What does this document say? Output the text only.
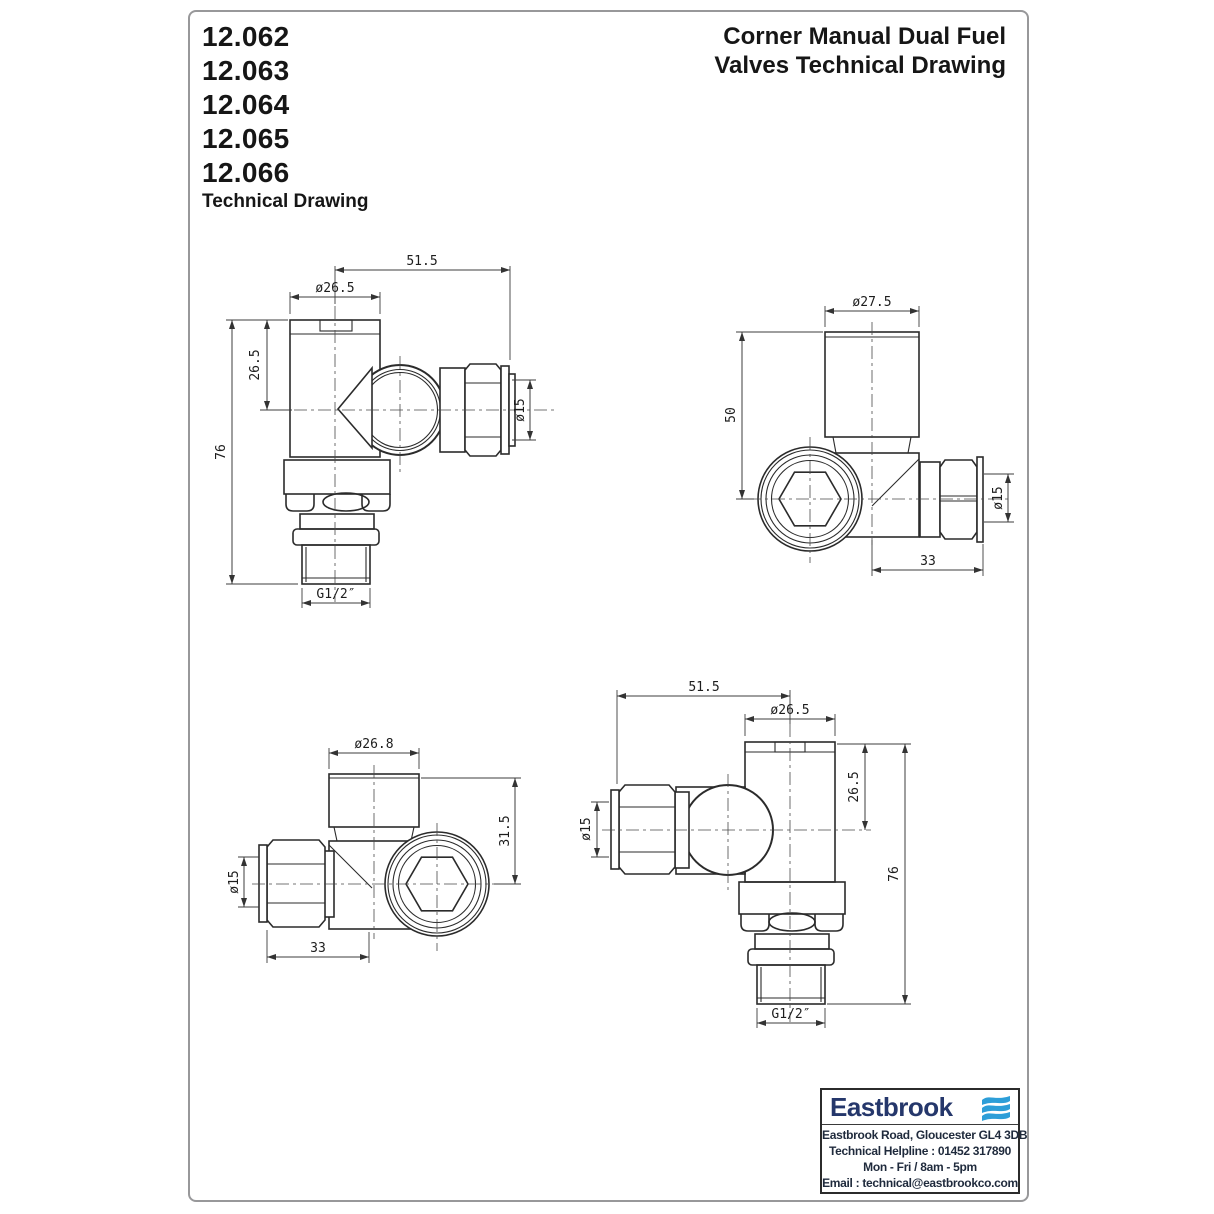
12.062
12.063
12.064
12.065
12.066
Technical Drawing
Corner Manual Dual Fuel
Valves Technical Drawing
51.5
ø26.5
26.5
76
ø15
G1/2″
ø27.5
50
ø15
33
ø26.8
31.5
ø15
33
51.5
ø26.5
26.5
76
ø15
G1/2″
Eastbrook
Eastbrook Road, Gloucester GL4 3DB
Technical Helpline : 01452 317890
Mon - Fri / 8am - 5pm
Email : technical@eastbrookco.com
